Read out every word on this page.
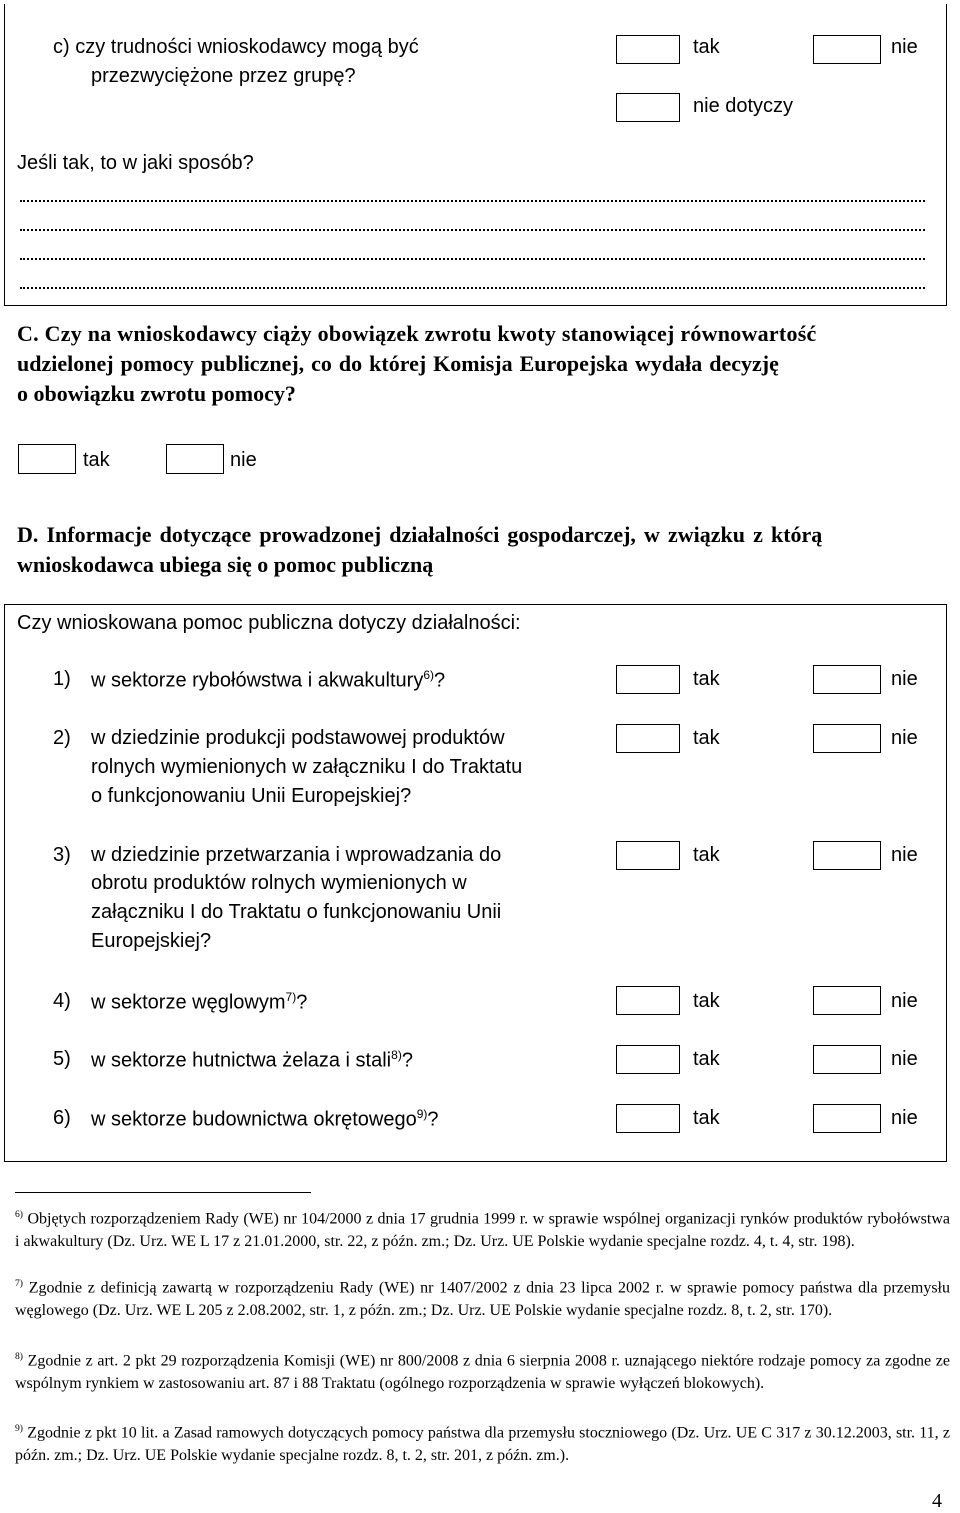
c) czy trudności wnioskodawcy mogą być
przezwyciężone przez grupę?
tak	nie
nie dotyczy
Jeśli tak, to w jaki sposób?
C. Czy na wnioskodawcy ciąży obowiązek zwrotu kwoty stanowiącej równowartość
udzielonej pomocy publicznej, co do której Komisja Europejska wydała decyzję
o obowiązku zwrotu pomocy?
tak	nie
D. Informacje dotyczące prowadzonej działalności gospodarczej, w związku z którą
wnioskodawca ubiega się o pomoc publiczną
Czy wnioskowana pomoc publiczna dotyczy działalności:
1) w sektorze rybołówstwa i akwakultury$^{6)}$?	tak	nie
2) w dziedzinie produkcji podstawowej produktów
rolnych wymienionych w załączniku I do Traktatu
o funkcjonowaniu Unii Europejskiej?
tak	nie
3) w dziedzinie przetwarzania i wprowadzania do
obrotu produktów rolnych wymienionych w
załączniku I do Traktatu o funkcjonowaniu Unii
Europejskiej?
tak	nie
4) w sektorze węglowym$^{7)}$?	tak	nie
5) w sektorze hutnictwa żelaza i stali$^{8)}$?	tak	nie
6) w sektorze budownictwa okrętowego$^{9)}$?	tak	nie
$^{6)}$ Objętych rozporządzeniem Rady (WE) nr 104/2000 z dnia 17 grudnia 1999 r. w sprawie wspólnej organizacji rynków produktów rybołówstwa i akwakultury (Dz. Urz. WE L 17 z 21.01.2000, str. 22, z późn. zm.; Dz. Urz. UE Polskie wydanie specjalne rozdz. 4, t. 4, str. 198).
$^{7)}$ Zgodnie z definicją zawartą w rozporządzeniu Rady (WE) nr 1407/2002 z dnia 23 lipca 2002 r. w sprawie pomocy państwa dla przemysłu węglowego (Dz. Urz. WE L 205 z 2.08.2002, str. 1, z późn. zm.; Dz. Urz. UE Polskie wydanie specjalne rozdz. 8, t. 2, str. 170).
$^{8)}$ Zgodnie z art. 2 pkt 29 rozporządzenia Komisji (WE) nr 800/2008 z dnia 6 sierpnia 2008 r. uznającego niektóre rodzaje pomocy za zgodne ze wspólnym rynkiem w zastosowaniu art. 87 i 88 Traktatu (ogólnego rozporządzenia w sprawie wyłączeń blokowych).
$^{9)}$ Zgodnie z pkt 10 lit. a Zasad ramowych dotyczących pomocy państwa dla przemysłu stoczniowego (Dz. Urz. UE C 317 z 30.12.2003, str. 11, z późn. zm.; Dz. Urz. UE Polskie wydanie specjalne rozdz. 8, t. 2, str. 201, z późn. zm.).
4
